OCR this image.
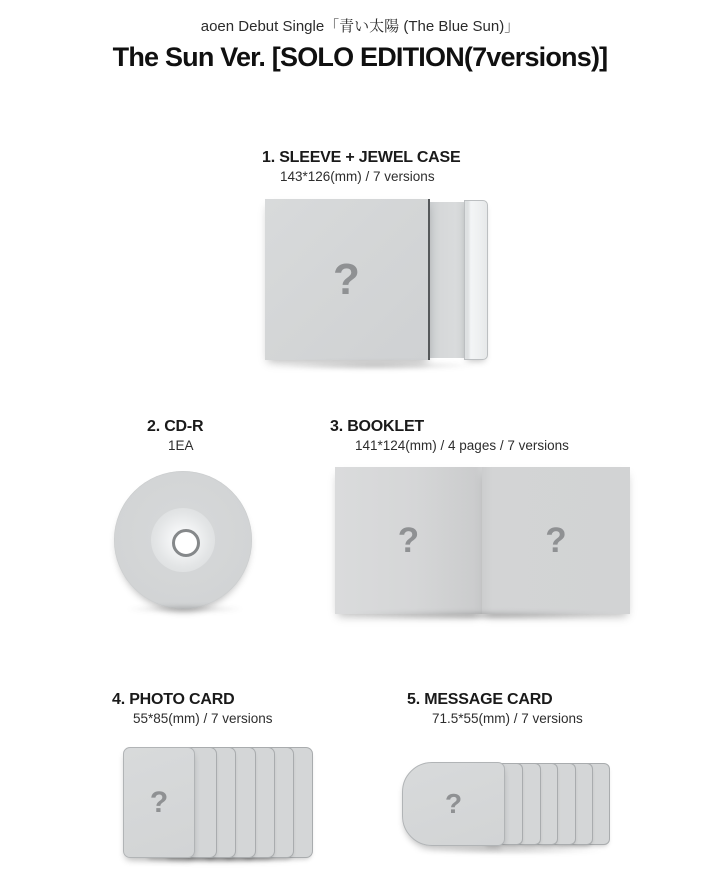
aoen Debut Single「青い太陽 (The Blue Sun)」
The Sun Ver. [SOLO EDITION(7versions)]
1. SLEEVE + JEWEL CASE
143*126(mm) / 7 versions
?
2. CD-R
1EA
3. BOOKLET
141*124(mm) / 4 pages / 7 versions
?	?
4. PHOTO CARD
55*85(mm) / 7 versions
?
5. MESSAGE CARD
71.5*55(mm) / 7 versions
?
